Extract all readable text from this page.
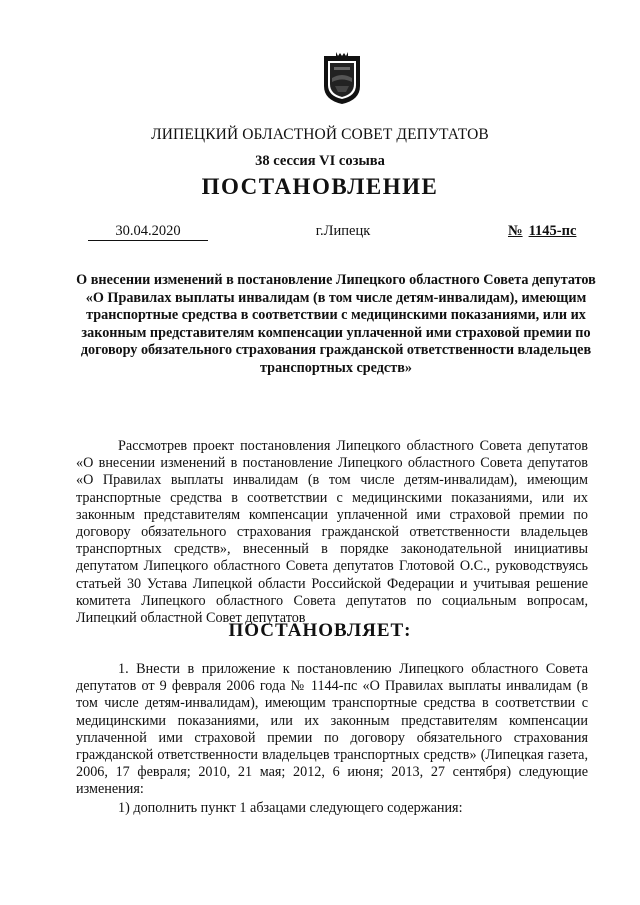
ЛИПЕЦКИЙ ОБЛАСТНОЙ СОВЕТ ДЕПУТАТОВ
38 сессия VI созыва
ПОСТАНОВЛЕНИЕ
30.04.2020	г.Липецк	№ 1145-пс
О внесении изменений в постановление Липецкого областного Совета депутатов «О Правилах выплаты инвалидам (в том числе детям-инвалидам), имеющим транспортные средства в соответствии с медицинскими показаниями, или их законным представителям компенсации уплаченной ими страховой премии по договору обязательного страхования гражданской ответственности владельцев транспортных средств»
Рассмотрев проект постановления Липецкого областного Совета депутатов «О внесении изменений в постановление Липецкого областного Совета депутатов «О Правилах выплаты инвалидам (в том числе детям-инвалидам), имеющим транспортные средства в соответствии с медицинскими показаниями, или их законным представителям компенсации уплаченной ими страховой премии по договору обязательного страхования гражданской ответственности владельцев транспортных средств», внесенный в порядке законодательной инициативы депутатом Липецкого областного Совета депутатов Глотовой О.С., руководствуясь статьей 30 Устава Липецкой области Российской Федерации и учитывая решение комитета Липецкого областного Совета депутатов по социальным вопросам, Липецкий областной Совет депутатов
ПОСТАНОВЛЯЕТ:
1. Внести в приложение к постановлению Липецкого областного Совета депутатов от 9 февраля 2006 года № 1144-пс «О Правилах выплаты инвалидам (в том числе детям-инвалидам), имеющим транспортные средства в соответствии с медицинскими показаниями, или их законным представителям компенсации уплаченной ими страховой премии по договору обязательного страхования гражданской ответственности владельцев транспортных средств» (Липецкая газета, 2006, 17 февраля; 2010, 21 мая; 2012, 6 июня; 2013, 27 сентября) следующие изменения:
1) дополнить пункт 1 абзацами следующего содержания:
